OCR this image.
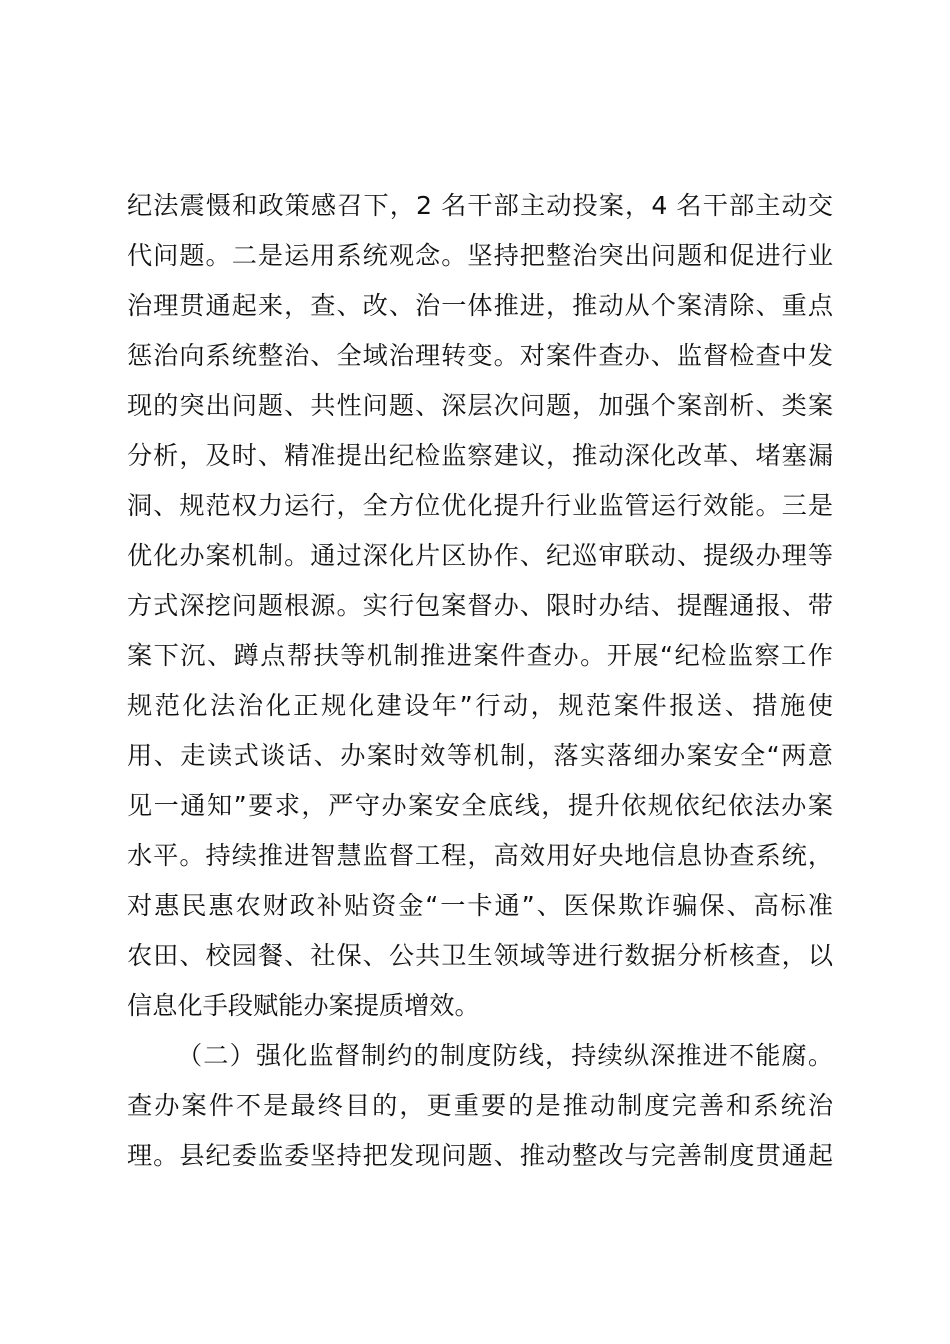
纪法震慑和政策感召下，2 名干部主动投案，4 名干部主动交
代问题。二是运用系统观念。坚持把整治突出问题和促进行业
治理贯通起来，查、改、治一体推进，推动从个案清除、重点
惩治向系统整治、全域治理转变。对案件查办、监督检查中发
现的突出问题、共性问题、深层次问题，加强个案剖析、类案
分析，及时、精准提出纪检监察建议，推动深化改革、堵塞漏
洞、规范权力运行，全方位优化提升行业监管运行效能。三是
优化办案机制。通过深化片区协作、纪巡审联动、提级办理等
方式深挖问题根源。实行包案督办、限时办结、提醒通报、带
案下沉、蹲点帮扶等机制推进案件查办。开展“纪检监察工作
规范化法治化正规化建设年”行动，规范案件报送、措施使
用、走读式谈话、办案时效等机制，落实落细办案安全“两意
见一通知”要求，严守办案安全底线，提升依规依纪依法办案
水平。持续推进智慧监督工程，高效用好央地信息协查系统，
对惠民惠农财政补贴资金“一卡通”、医保欺诈骗保、高标准
农田、校园餐、社保、公共卫生领域等进行数据分析核查，以
信息化手段赋能办案提质增效。
（二）强化监督制约的制度防线，持续纵深推进不能腐。
查办案件不是最终目的，更重要的是推动制度完善和系统治
理。县纪委监委坚持把发现问题、推动整改与完善制度贯通起
